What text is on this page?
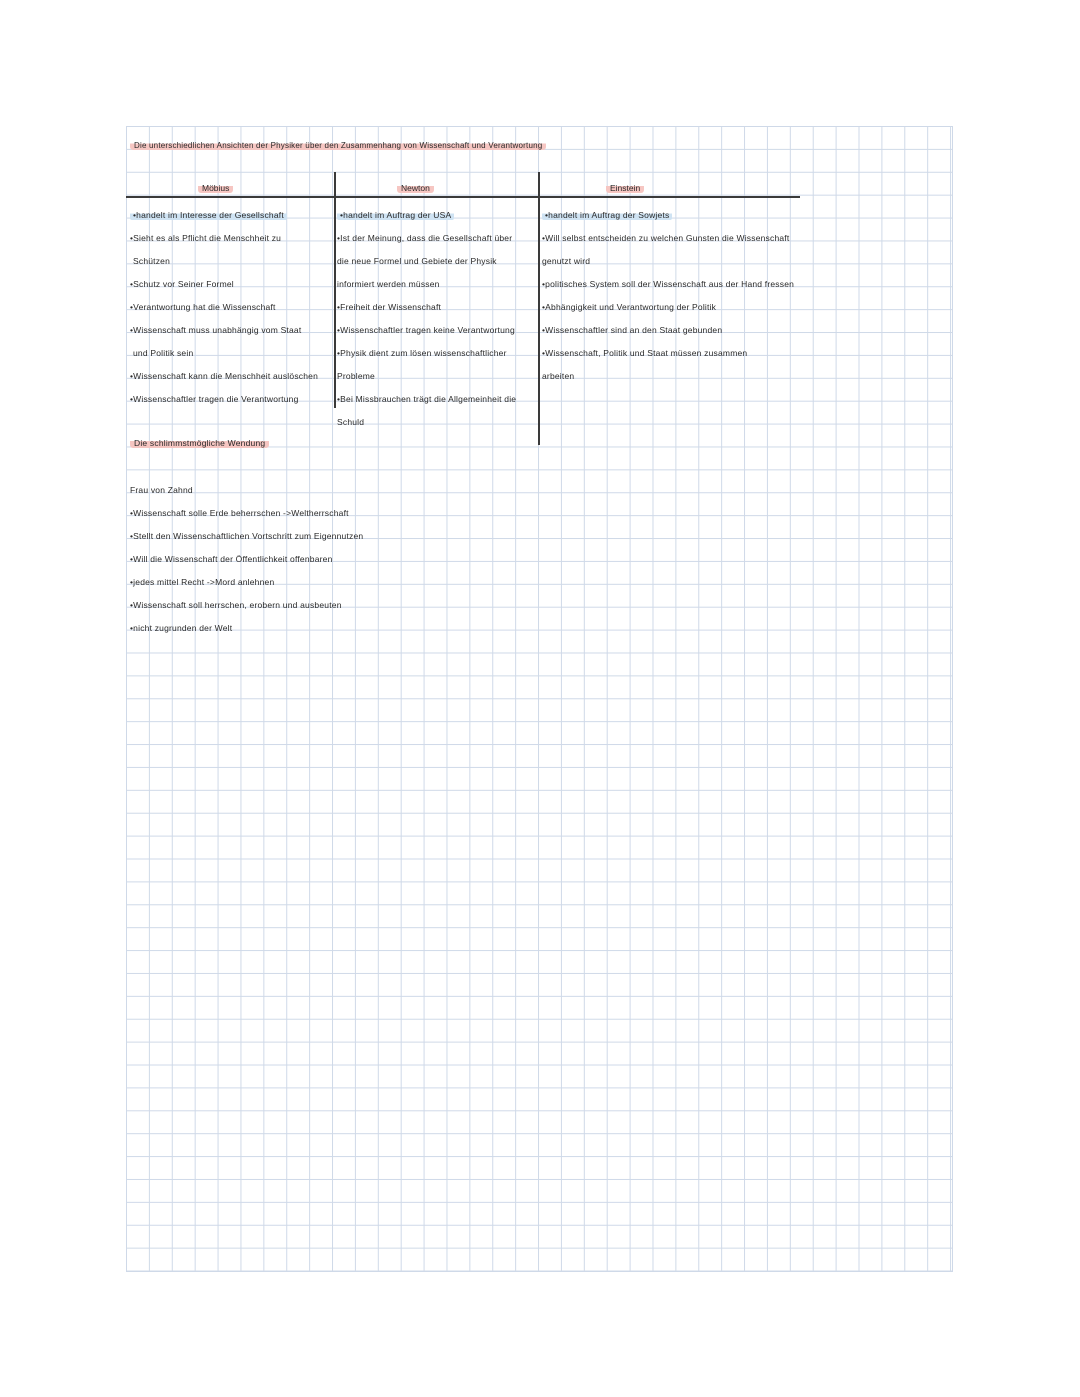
Die unterschiedlichen Ansichten der Physiker über den Zusammenhang von Wissenschaft und Verantwortung
Möbius	Newton	Einstein
•handelt im Interesse der Gesellschaft
•Sieht es als Pflicht die Menschheit zu
Schützen
•Schutz vor Seiner Formel
•Verantwortung hat die Wissenschaft
•Wissenschaft muss unabhängig vom Staat
und Politik sein
•Wissenschaft kann die Menschheit auslöschen
•Wissenschaftler tragen die Verantwortung
•handelt im Auftrag der USA
•Ist der Meinung, dass die Gesellschaft über
die neue Formel und Gebiete der Physik
informiert werden müssen
•Freiheit der Wissenschaft
•Wissenschaftler tragen keine Verantwortung
•Physik dient zum lösen wissenschaftlicher
Probleme
•Bei Missbrauchen trägt die Allgemeinheit die
Schuld
•handelt im Auftrag der Sowjets
•Will selbst entscheiden zu welchen Gunsten die Wissenschaft
genutzt wird
•politisches System soll der Wissenschaft aus der Hand fressen
•Abhängigkeit und Verantwortung der Politik
•Wissenschaftler sind an den Staat gebunden
•Wissenschaft, Politik und Staat müssen zusammen
arbeiten
Die schlimmstmögliche Wendung
Frau von Zahnd
•Wissenschaft solle Erde beherrschen ->Weltherrschaft
•Stellt den Wissenschaftlichen Vortschritt zum Eigennutzen
•Will die Wissenschaft der Öffentlichkeit offenbaren
•jedes mittel Recht ->Mord anlehnen
•Wissenschaft soll herrschen, erobern und ausbeuten
•nicht zugrunden der Welt
